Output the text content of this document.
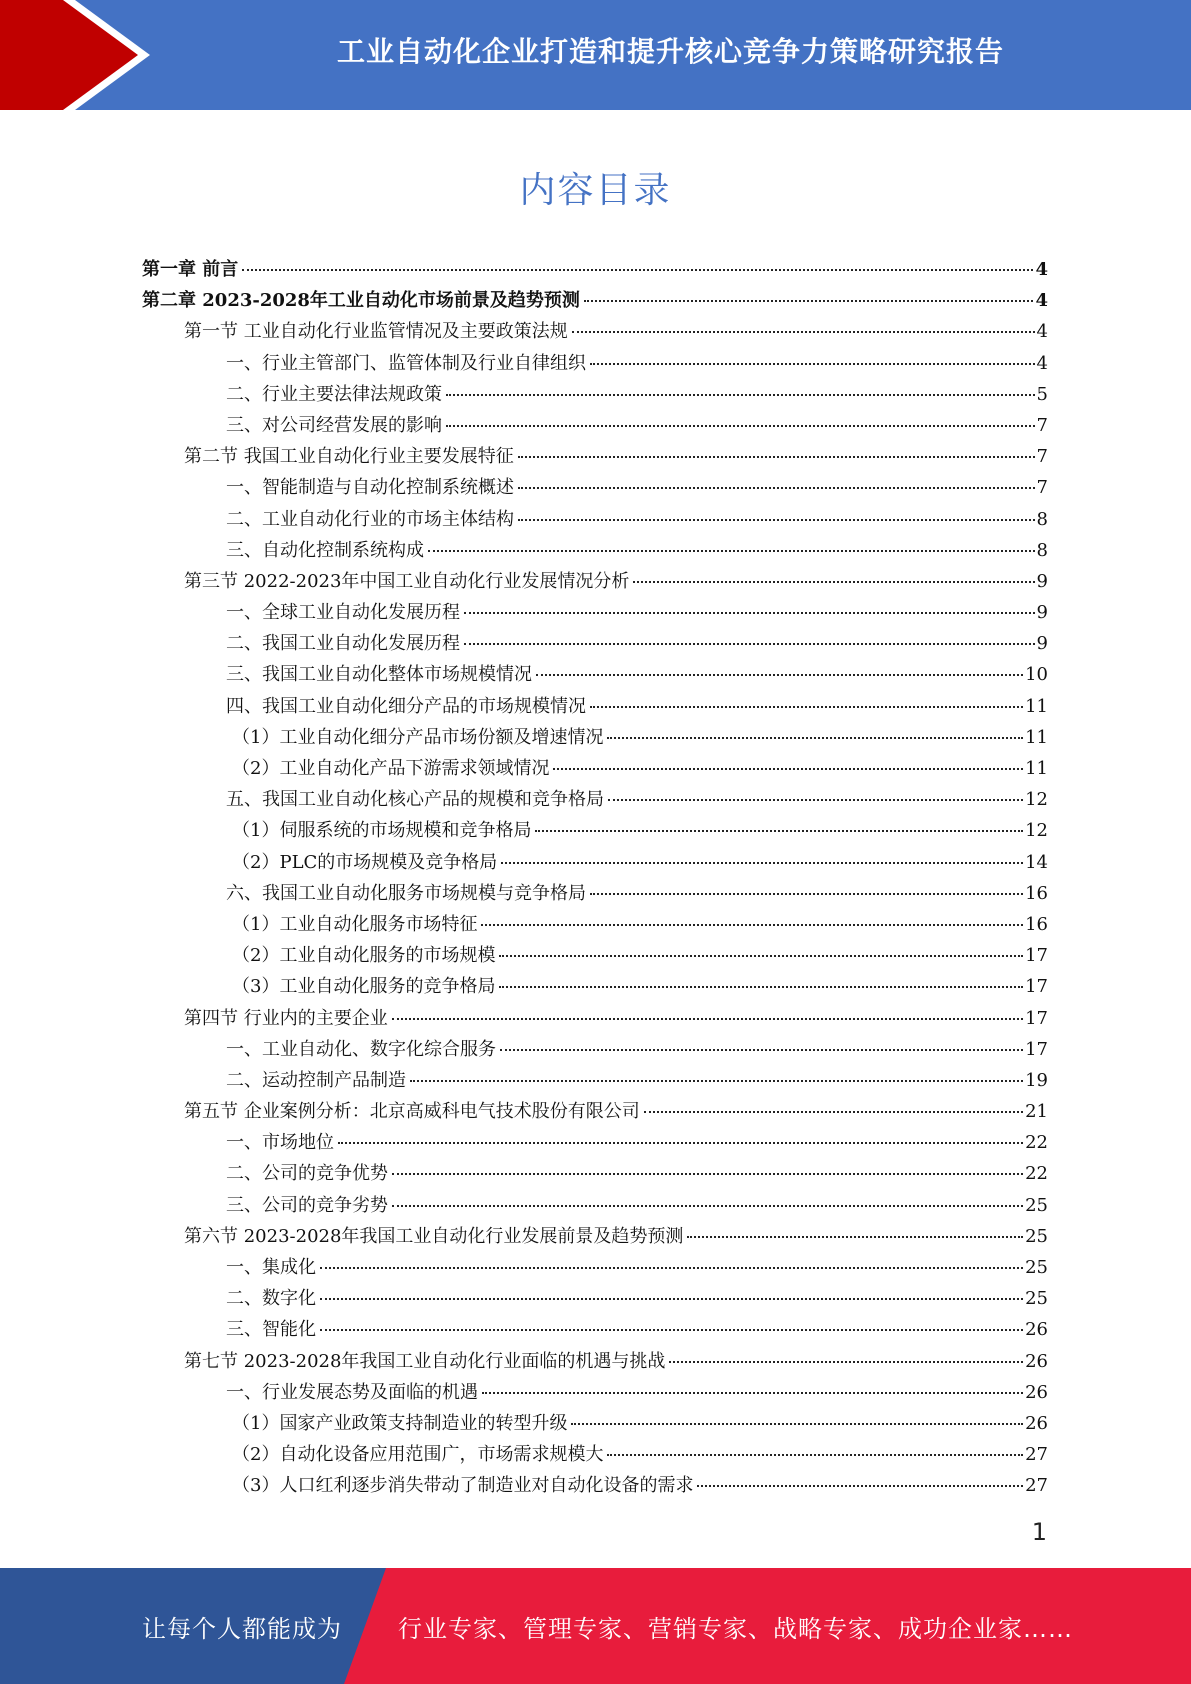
工业自动化企业打造和提升核心竞争力策略研究报告
内容目录
第一章 前言	4
第二章 2023-2028年工业自动化市场前景及趋势预测	4
第一节 工业自动化行业监管情况及主要政策法规	4
一、行业主管部门、监管体制及行业自律组织	4
二、行业主要法律法规政策	5
三、对公司经营发展的影响	7
第二节 我国工业自动化行业主要发展特征	7
一、智能制造与自动化控制系统概述	7
二、工业自动化行业的市场主体结构	8
三、自动化控制系统构成	8
第三节 2022-2023年中国工业自动化行业发展情况分析	9
一、全球工业自动化发展历程	9
二、我国工业自动化发展历程	9
三、我国工业自动化整体市场规模情况	10
四、我国工业自动化细分产品的市场规模情况	11
（1）工业自动化细分产品市场份额及增速情况	11
（2）工业自动化产品下游需求领域情况	11
五、我国工业自动化核心产品的规模和竞争格局	12
（1）伺服系统的市场规模和竞争格局	12
（2）PLC的市场规模及竞争格局	14
六、我国工业自动化服务市场规模与竞争格局	16
（1）工业自动化服务市场特征	16
（2）工业自动化服务的市场规模	17
（3）工业自动化服务的竞争格局	17
第四节 行业内的主要企业	17
一、工业自动化、数字化综合服务	17
二、运动控制产品制造	19
第五节 企业案例分析：北京高威科电气技术股份有限公司	21
一、市场地位	22
二、公司的竞争优势	22
三、公司的竞争劣势	25
第六节 2023-2028年我国工业自动化行业发展前景及趋势预测	25
一、集成化	25
二、数字化	25
三、智能化	26
第七节 2023-2028年我国工业自动化行业面临的机遇与挑战	26
一、行业发展态势及面临的机遇	26
（1）国家产业政策支持制造业的转型升级	26
（2）自动化设备应用范围广，市场需求规模大	27
（3）人口红利逐步消失带动了制造业对自动化设备的需求	27
1
让每个人都能成为 行业专家、管理专家、营销专家、战略专家、成功企业家……
